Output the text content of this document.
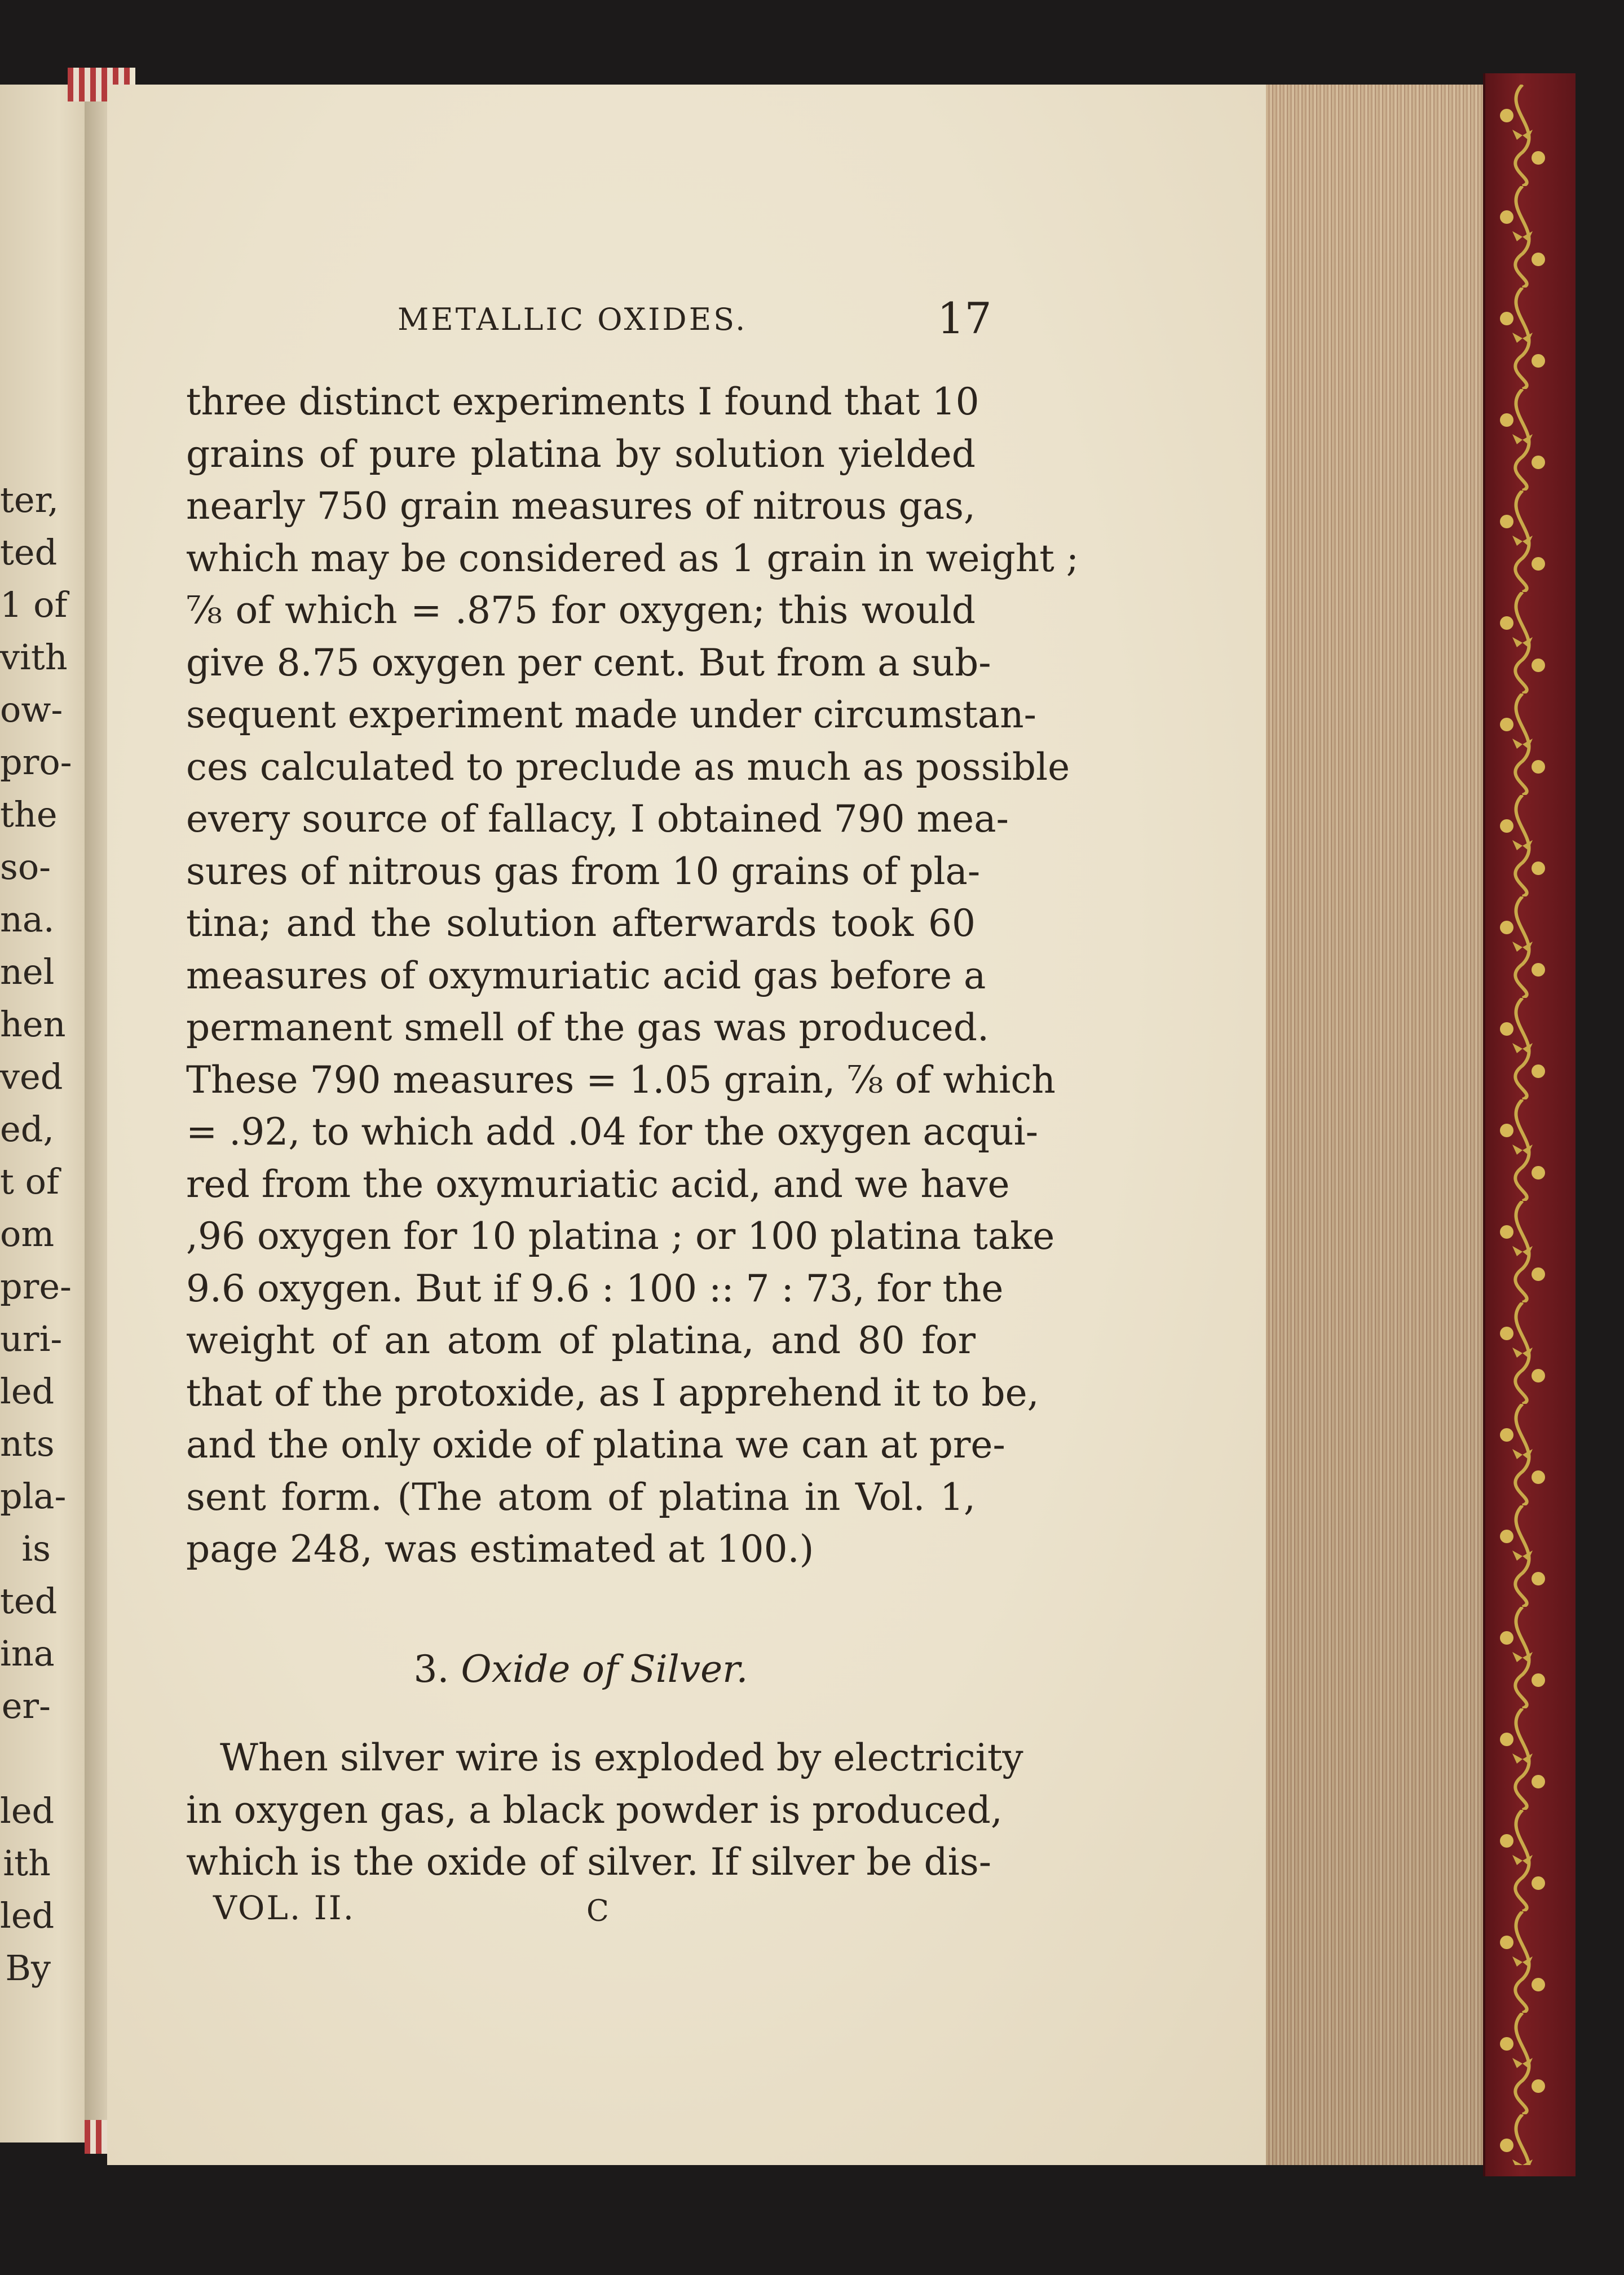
ter,
ted
1 of
vith
ow-
pro-
the
so-
na.
nel
hen
ved
ed,
t of
om
pre-
uri-
led
nts
pla-
is
ted
ina
er-
led
ith
led
By
METALLIC OXIDES.	17
three distinct experiments I found that 10
grains of pure platina by solution yielded
nearly 750 grain measures of nitrous gas,
which may be considered as 1 grain in weight ;
⅞ of which = .875 for oxygen; this would
give 8.75 oxygen per cent. But from a sub-
sequent experiment made under circumstan-
ces calculated to preclude as much as possible
every source of fallacy, I obtained 790 mea-
sures of nitrous gas from 10 grains of pla-
tina; and the solution afterwards took 60
measures of oxymuriatic acid gas before a
permanent smell of the gas was produced.
These 790 measures = 1.05 grain, ⅞ of which
= .92, to which add .04 for the oxygen acqui-
red from the oxymuriatic acid, and we have
,96 oxygen for 10 platina ; or 100 platina take
9.6 oxygen. But if 9.6 : 100 :: 7 : 73, for the
weight of an atom of platina, and 80 for
that of the protoxide, as I apprehend it to be,
and the only oxide of platina we can at pre-
sent form. (The atom of platina in Vol. 1,
page 248, was estimated at 100.)
3. Oxide of Silver.
When silver wire is exploded by electricity
in oxygen gas, a black powder is produced,
which is the oxide of silver. If silver be dis-
VOL. II.	C
